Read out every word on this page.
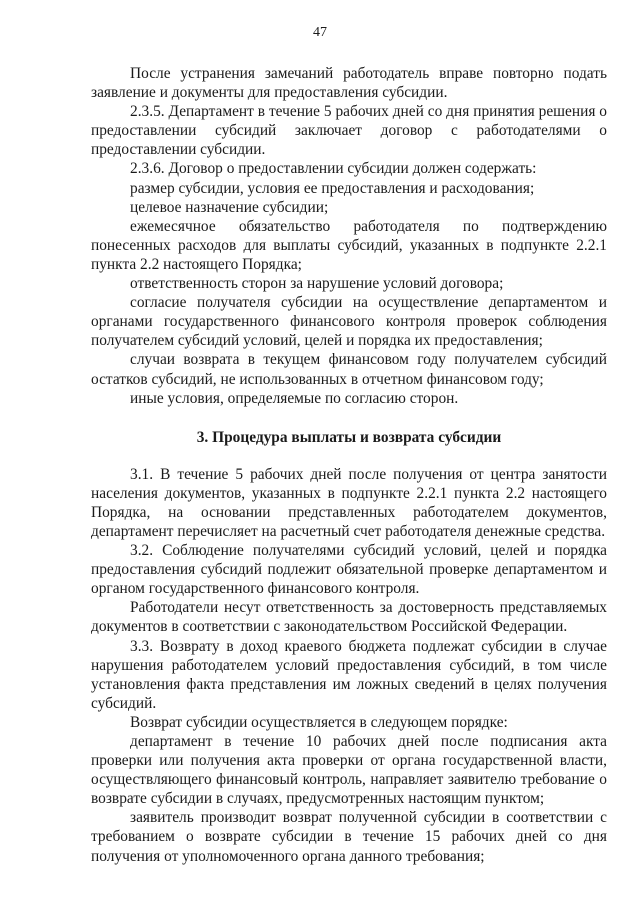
47

После устранения замечаний работодатель вправе повторно подать заявление и документы для предоставления субсидии.

2.3.5. Департамент в течение 5 рабочих дней со дня принятия решения о предоставлении субсидий заключает договор с работодателями о предоставлении субсидии.

2.3.6. Договор о предоставлении субсидии должен содержать:

размер субсидии, условия ее предоставления и расходования;

целевое назначение субсидии;

ежемесячное обязательство работодателя по подтверждению понесенных расходов для выплаты субсидий, указанных в подпункте 2.2.1 пункта 2.2 настоящего Порядка;

ответственность сторон за нарушение условий договора;

согласие получателя субсидии на осуществление департаментом и органами государственного финансового контроля проверок соблюдения получателем субсидий условий, целей и порядка их предоставления;

случаи возврата в текущем финансовом году получателем субсидий остатков субсидий, не использованных в отчетном финансовом году;

иные условия, определяемые по согласию сторон.

3. Процедура выплаты и возврата субсидии

3.1. В течение 5 рабочих дней после получения от центра занятости населения документов, указанных в подпункте 2.2.1 пункта 2.2 настоящего Порядка, на основании представленных работодателем документов, департамент перечисляет на расчетный счет работодателя денежные средства.

3.2. Соблюдение получателями субсидий условий, целей и порядка предоставления субсидий подлежит обязательной проверке департаментом и органом государственного финансового контроля.

Работодатели несут ответственность за достоверность представляемых документов в соответствии с законодательством Российской Федерации.

3.3. Возврату в доход краевого бюджета подлежат субсидии в случае нарушения работодателем условий предоставления субсидий, в том числе установления факта представления им ложных сведений в целях получения субсидий.

Возврат субсидии осуществляется в следующем порядке:

департамент в течение 10 рабочих дней после подписания акта проверки или получения акта проверки от органа государственной власти, осуществляющего финансовый контроль, направляет заявителю требование о возврате субсидии в случаях, предусмотренных настоящим пунктом;

заявитель производит возврат полученной субсидии в соответствии с требованием о возврате субсидии в течение 15 рабочих дней со дня получения от уполномоченного органа данного требования;
